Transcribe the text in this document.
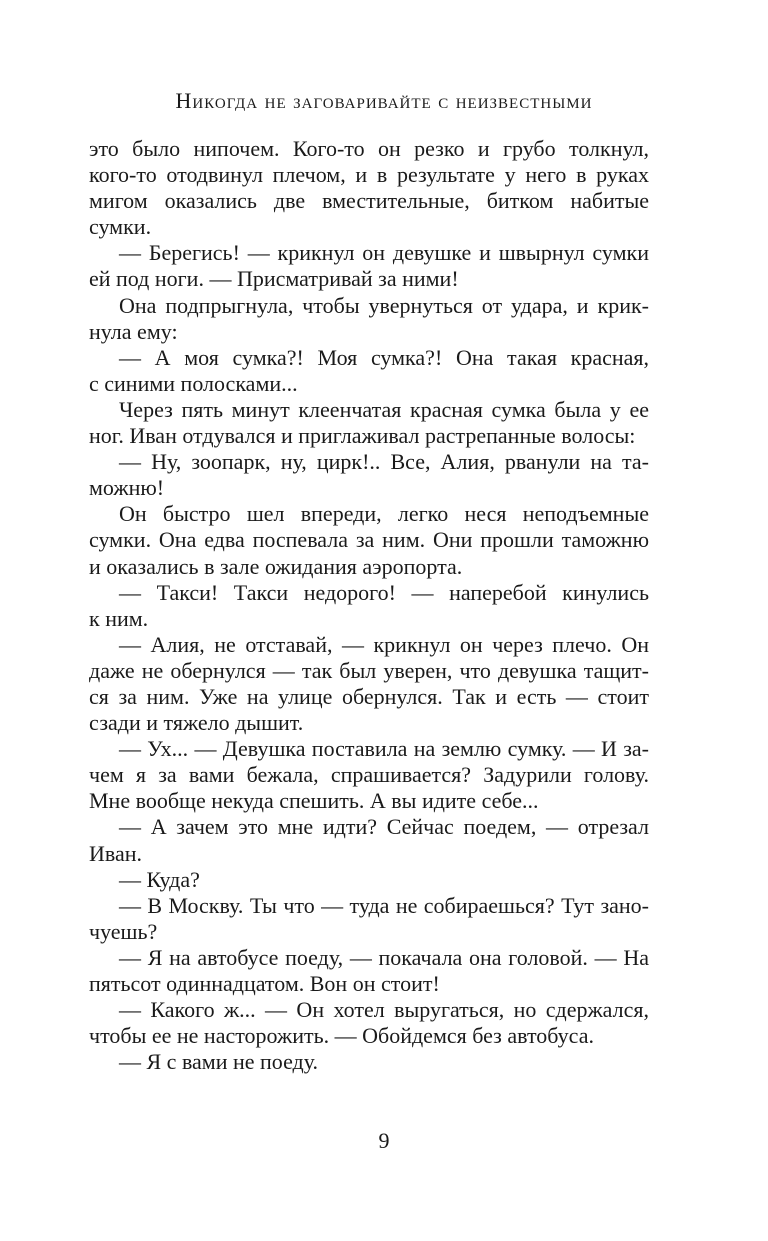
Никогда не заговаривайте с неизвестными
это было нипочем. Кого-то он резко и грубо толкнул,
кого-то отодвинул плечом, и в результате у него в руках
мигом оказались две вместительные, битком набитые
сумки.
— Берегись! — крикнул он девушке и швырнул сумки
ей под ноги. — Присматривай за ними!
Она подпрыгнула, чтобы увернуться от удара, и крик-
нула ему:
— А моя сумка?! Моя сумка?! Она такая красная,
с синими полосками...
Через пять минут клеенчатая красная сумка была у ее
ног. Иван отдувался и приглаживал растрепанные волосы:
— Ну, зоопарк, ну, цирк!.. Все, Алия, рванули на та-
можню!
Он быстро шел впереди, легко неся неподъемные
сумки. Она едва поспевала за ним. Они прошли таможню
и оказались в зале ожидания аэропорта.
— Такси! Такси недорого! — наперебой кинулись
к ним.
— Алия, не отставай, — крикнул он через плечо. Он
даже не обернулся — так был уверен, что девушка тащит-
ся за ним. Уже на улице обернулся. Так и есть — стоит
сзади и тяжело дышит.
— Ух... — Девушка поставила на землю сумку. — И за-
чем я за вами бежала, спрашивается? Задурили голову.
Мне вообще некуда спешить. А вы идите себе...
— А зачем это мне идти? Сейчас поедем, — отрезал
Иван.
— Куда?
— В Москву. Ты что — туда не собираешься? Тут зано-
чуешь?
— Я на автобусе поеду, — покачала она головой. — На
пятьсот одиннадцатом. Вон он стоит!
— Какого ж... — Он хотел выругаться, но сдержался,
чтобы ее не насторожить. — Обойдемся без автобуса.
— Я с вами не поеду.
9
